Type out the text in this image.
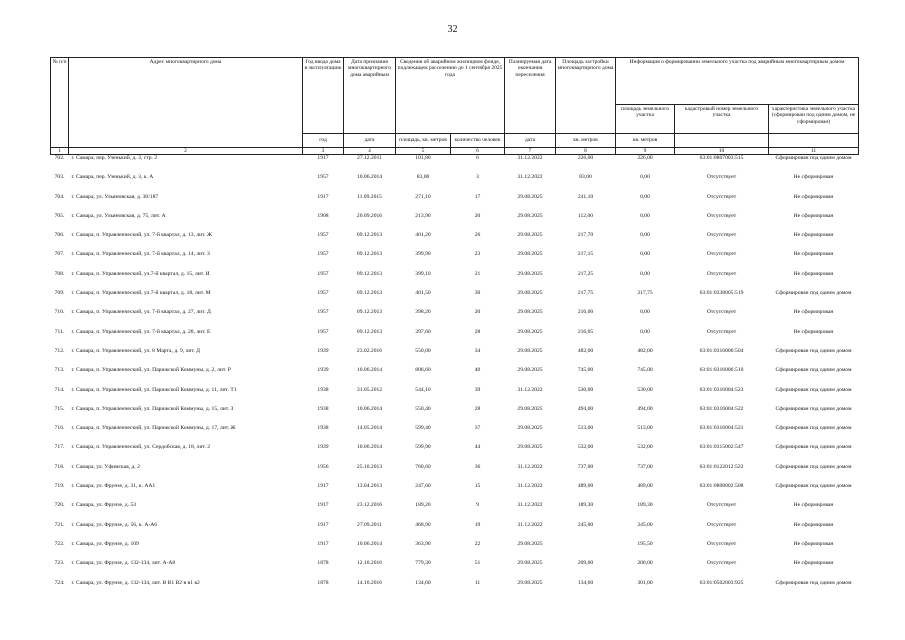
32
№ п/п	Адрес многоквартирного дома	Год ввода дома в эксплуатацию	Дата признания многоквартирного дома аварийным	Сведения об аварийном жилищном фонде, подлежащем расселению до 1 сентября 2025 года		Планируемая дата окончания переселения	Площадь застройки многоквартирного дома	Информация о формировании земельного участка под аварийным многоквартирным домом		
								площадь земельного участка	кадастровый номер земельного участка	характеристика земельного участка (сформирован под одним домом, не сформирован)
		год	дата	площадь, кв. метров	количество человек	дата	кв. метров	кв. метров		
1	2	3	4	5	6	7	8	9	10	11
702.	г. Самара, пер. Узенький, д. 3, стр. 2	1917	27.12.2011	101,80	6	31.12.2022	226,00	226,00	63:01:0807003:515	Сформирован под одним домом
703.	г. Самара, пер. Узенький, д. 3, к. А	1957	10.06.2014	83,00	3	31.12.2022	83,00	0,00	Отсутствует	Не сформирован
704.	г. Самара, ул. Ульяновская, д. 30/187	1917	11.09.2015	271,10	17	29.08.2025	241,10	0,00	Отсутствует	Не сформирован
705.	г. Самара, ул. Ульяновская, д. 75, лит. А	1908	20.09.2016	213,90	20	29.08.2025	112,00	0,00	Отсутствует	Не сформирован
706.	г. Самара, п. Управленческий, ул. 7-й квартал, д. 13, лит. Ж	1957	09.12.2013	401,20	26	29.08.2025	217,70	0,00	Отсутствует	Не сформирован
707.	г. Самара, п. Управленческий, ул. 7-й квартал, д. 14, лит. З	1957	09.12.2013	399,90	23	29.08.2025	217,15	0,00	Отсутствует	Не сформирован
708.	г. Самара, п. Управленческий, ул.7-й квартал, д. 15, лит. И	1957	09.12.2013	399,10	21	29.08.2025	217,25	0,00	Отсутствует	Не сформирован
709.	г. Самара, п. Управленческий, ул.7-й квартал, д. 18, лит. М	1957	09.12.2013	401,50	30	29.08.2025	217,75	217,75	63:01:0338005:519	Сформирован под одним домом
710.	г. Самара, п. Управленческий, ул. 7-й квартал, д. 27, лит. Д	1957	09.12.2013	398,20	20	29.08.2025	216,00	0,00	Отсутствует	Не сформирован
711.	г. Самара, п. Управленческий, ул. 7-й квартал, д. 28, лит. Е	1957	09.12.2013	397,60	28	29.08.2025	216,05	0,00	Отсутствует	Не сформирован
712.	г. Самара, п. Управленческий, ул. 8 Марта, д. 9, лит. Д	1939	23.02.2016	550,00	34	29.08.2025	482,00	482,00	63:01:0316006:504	Сформирован под одним домом
713.	г. Самара, п. Управленческий, ул. Парижской Коммуны, д. 2, лит. Р	1939	10.06.2014	806,60	40	29.08.2025	745,00	745,00	63:01:0316006:510	Сформирован под одним домом
714.	г. Самара, п. Управленческий, ул. Парижской Коммуны, д. 11, лит. Т1	1938	31.05.2012	544,10	39	31.12.2022	530,00	530,00	63:01:0316004:523	Сформирован под одним домом
715.	г. Самара, п. Управленческий, ул. Парижской Коммуны, д. 15, лит. З	1938	10.06.2014	550,40	28	29.08.2025	494,00	494,00	63:01:0316004:522	Сформирован под одним домом
716.	г. Самара, п. Управленческий, ул. Парижской Коммуны, д. 17, лит. Ж	1938	14.05.2014	599,40	37	29.08.2025	513,00	513,00	63:01:0316004:521	Сформирован под одним домом
717.	г. Самара, п. Управленческий, ул. Сердобская, д. 18, лит. 2	1939	10.06.2014	599,90	44	29.08.2025	532,00	532,00	63:01:0315002:547	Сформирован под одним домом
718.	г. Самара, ул. Уфимская, д. 2	1956	25.10.2013	760,60	36	31.12.2022	737,00	737,00	63:01:0122012:522	Сформирован под одним домом
719.	г. Самара, ул. Фрунзе, д. 31, к. АА1	1917	13.04.2013	247,60	15	31.12.2022	489,00	489,00	63:01:0808002:508	Сформирован под одним домом
720.	г. Самара, ул. Фрунзе, д. 53	1917	23.12.2016	189,20	9	31.12.2022	189,30	189,30	Отсутствует	Не сформирован
721.	г. Самара, ул. Фрунзе, д. 56, к. А-А6	1917	27.09.2011	468,90	19	31.12.2022	245,00	245,00	Отсутствует	Не сформирован
722.	г. Самара, ул. Фрунзе, д. 109	1917	10.06.2014	363,90	22	29.08.2025		195,50	Отсутствует	Не сформирован
723.	г. Самара, ул. Фрунзе, д. 132-134, лит. А-А8	1878	12.10.2016	779,30	51	29.08.2025	209,00	200,00	Отсутствует	Не сформирован
724.	г. Самара, ул. Фрунзе, д. 132-134, лит. В В1 В2 в в1 в2	1878	14.10.2016	134,60	11	29.08.2025	134,60	301,00	63:01:0502003:925	Сформирован под одним домом
